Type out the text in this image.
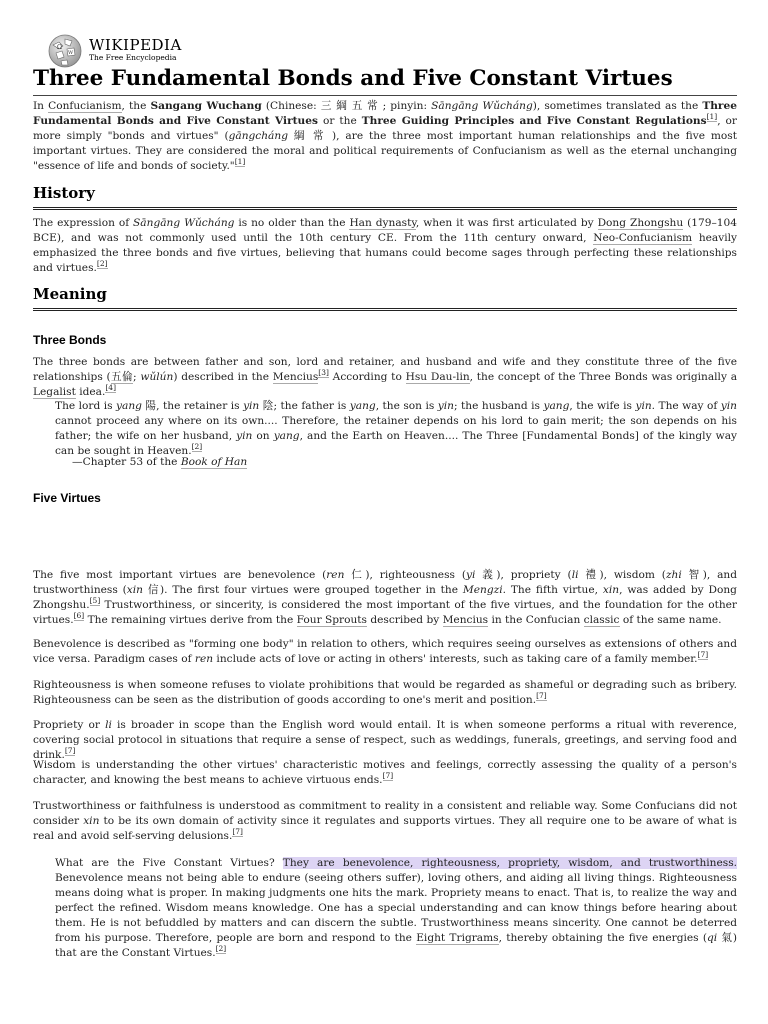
Ω
W WIKIPEDIA
The Free Encyclopedia
Three Fundamental Bonds and Five Constant Virtues
In Confucianism, the Sangang Wuchang (Chinese: 三 綱 五 常 ; pinyin: Sāngāng Wǔcháng), sometimes translated as the Three Fundamental Bonds and Five Constant Virtues or the Three Guiding Principles and Five Constant Regulations[1], or more simply "bonds and virtues" (gāngcháng 綱 常 ), are the three most important human relationships and the five most important virtues. They are considered the moral and political requirements of Confucianism as well as the eternal unchanging "essence of life and bonds of society."[1]
History
The expression of Sāngāng Wǔcháng is no older than the Han dynasty, when it was first articulated by Dong Zhongshu (179–104 BCE), and was not commonly used until the 10th century CE. From the 11th century onward, Neo-Confucianism heavily emphasized the three bonds and five virtues, believing that humans could become sages through perfecting these relationships and virtues.[2]
Meaning
Three Bonds
The three bonds are between father and son, lord and retainer, and husband and wife and they constitute three of the five relationships (五倫; wǔlún) described in the Mencius[3] According to Hsu Dau-lin, the concept of the Three Bonds was originally a Legalist idea.[4]
The lord is yang 陽, the retainer is yin 陰; the father is yang, the son is yin; the husband is yang, the wife is yin. The way of yin cannot proceed any where on its own.... Therefore, the retainer depends on his lord to gain merit; the son depends on his father; the wife on her husband, yin on yang, and the Earth on Heaven.... The Three [Fundamental Bonds] of the kingly way can be sought in Heaven.[2]
—Chapter 53 of the Book of Han
Five Virtues
The five most important virtues are benevolence (ren 仁), righteousness (yi 義), propriety (li 禮), wisdom (zhi 智), and trustworthiness (xin 信). The first four virtues were grouped together in the Mengzi. The fifth virtue, xin, was added by Dong Zhongshu.[5] Trustworthiness, or sincerity, is considered the most important of the five virtues, and the foundation for the other virtues.[6] The remaining virtues derive from the Four Sprouts described by Mencius in the Confucian classic of the same name.
Benevolence is described as "forming one body" in relation to others, which requires seeing ourselves as extensions of others and vice versa. Paradigm cases of ren include acts of love or acting in others' interests, such as taking care of a family member.[7]
Righteousness is when someone refuses to violate prohibitions that would be regarded as shameful or degrading such as bribery. Righteousness can be seen as the distribution of goods according to one's merit and position.[7]
Propriety or li is broader in scope than the English word would entail. It is when someone performs a ritual with reverence, covering social protocol in situations that require a sense of respect, such as weddings, funerals, greetings, and serving food and drink.[7]
Wisdom is understanding the other virtues' characteristic motives and feelings, correctly assessing the quality of a person's character, and knowing the best means to achieve virtuous ends.[7]
Trustworthiness or faithfulness is understood as commitment to reality in a consistent and reliable way. Some Confucians did not consider xin to be its own domain of activity since it regulates and supports virtues. They all require one to be aware of what is real and avoid self-serving delusions.[7]
What are the Five Constant Virtues? They are benevolence, righteousness, propriety, wisdom, and trustworthiness. Benevolence means not being able to endure (seeing others suffer), loving others, and aiding all living things. Righteousness means doing what is proper. In making judgments one hits the mark. Propriety means to enact. That is, to realize the way and perfect the refined. Wisdom means knowledge. One has a special understanding and can know things before hearing about them. He is not befuddled by matters and can discern the subtle. Trustworthiness means sincerity. One cannot be deterred from his purpose. Therefore, people are born and respond to the Eight Trigrams, thereby obtaining the five energies (qi 氣) that are the Constant Virtues.[2]
